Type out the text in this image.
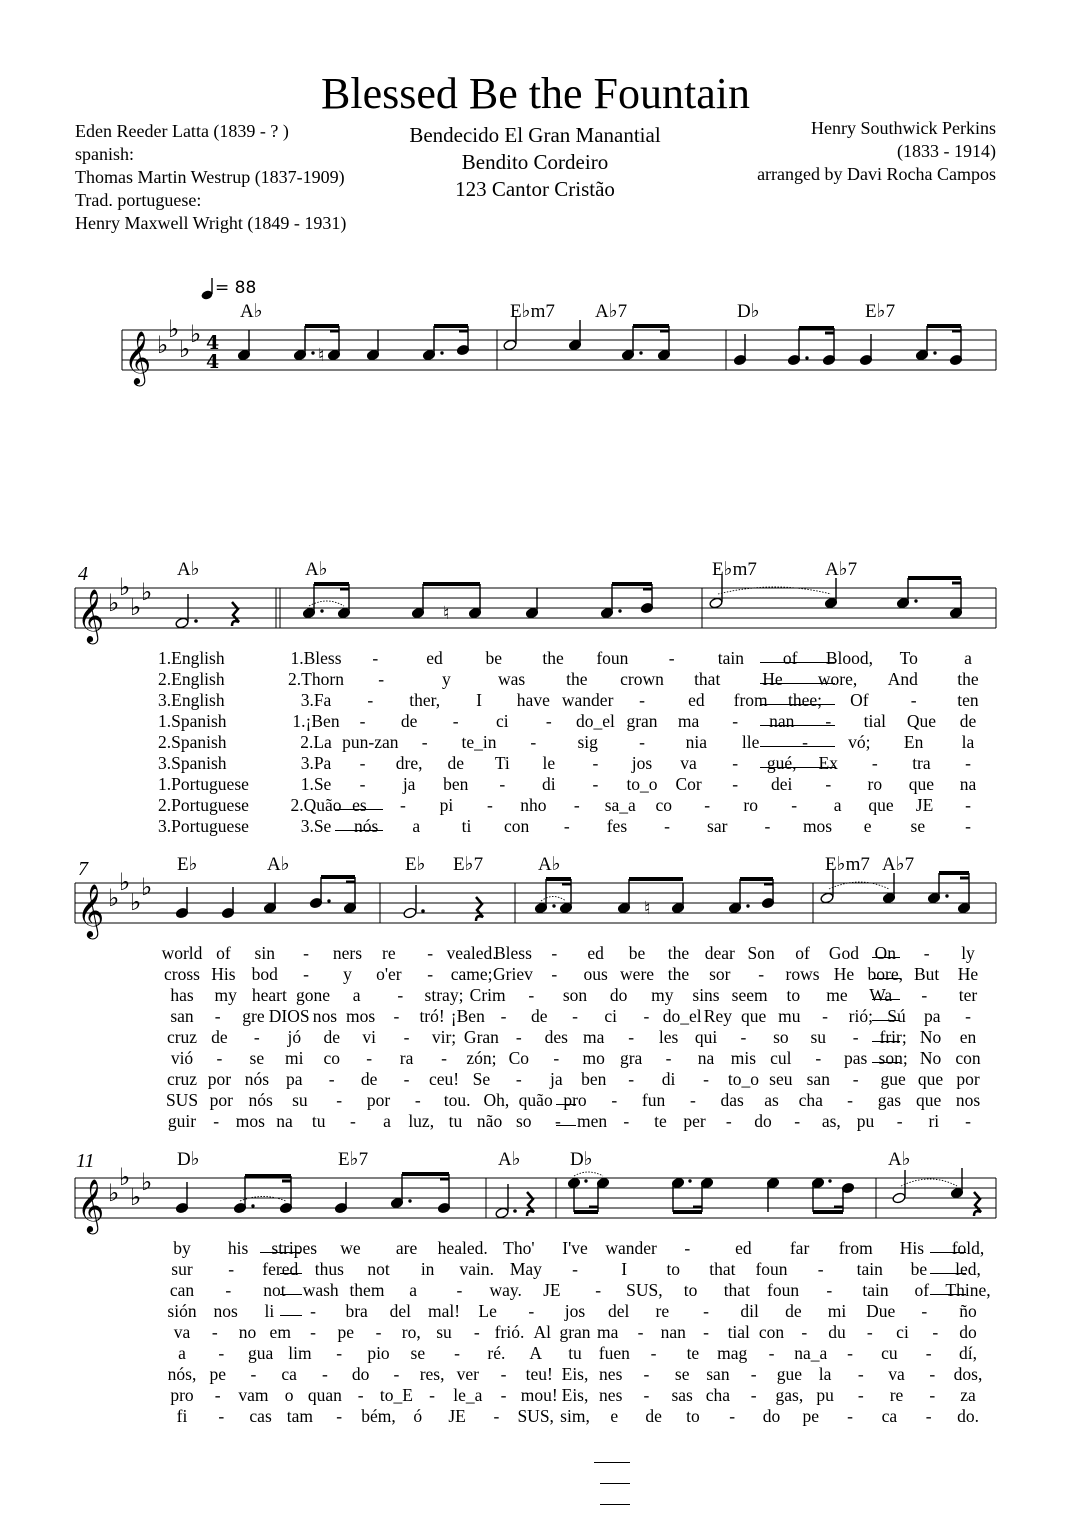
Blessed Be the Fountain
Eden Reeder Latta (1839 - ? )
spanish:
Thomas Martin Westrup (1837-1909)
Trad. portuguese:
Henry Maxwell Wright (1849 - 1931)
Bendecido El Gran Manantial
Bendito Cordeiro
123 Cantor Cristão
Henry Southwick Perkins
(1833 - 1914)
arranged by Davi Rocha Campos
= 88
A♭	E♭m7 A♭7	D♭	E♭7
𝄞 ♭
♭
♭
♭ 4
4	♮
4	A♭	A♭	E♭m7	A♭7
𝄞 ♭
♭
♭
♭
♮
1.English
2.English
3.English
1.Spanish
2.Spanish
3.Spanish
1.Portuguese
2.Portuguese
3.Portuguese
1.Bless -	ed be the foun - tain of Blood, To	a
2.Thorn -	y	was the crown that He wore, And the
3.Fa - ther, I have wander - ed from thee; Of - ten
1.¡Ben - de - ci - do_el gran ma - nan - tial Que de
2.La pun-zan - te_in - sig - nia lle - vó; En la
3.Pa - dre, de Ti le - jos va - gué, Ex - tra -
1.Se - ja ben - di - to_o Cor - dei - ro que na
2.Quão es - pi - nho - sa_a co - ro - a que JE -
3.Se nós a ti con - fes - sar - mos e se -
7	E♭	A♭	E♭ E♭7	A♭	E♭m7 A♭7
𝄞 ♭
♭
♭
♭
♮
world of sin - ners re - vealed.
Bless - ed be the dear Son of God On - ly
cross His bod - y o'er - came; Griev - ous were the sor - rows He bore, But He
has my heart gone a - stray; Crim - son do my sins seem to me Wa - ter
san - gre DIOS nos mos - tró! ¡Ben - de - ci - do_el Rey que mu - rió; Sú pa -
cruz de - jó de vi - vir; Gran - des ma - les qui - so su - frir; No en
vió - se mi co - ra - zón; Co - mo gra - na mis cul - pas son; No con
cruz por nós pa - de - ceu! Se - ja ben - di - to_o seu san - gue que por
SUS por nós su - por - tou. Oh, quão pro - fun - das as cha - gas que nos
guir - mos na tu - a luz, tu não so - men - te per - do - as, pu - ri -
11	D♭	E♭7	A♭	D♭	A♭
𝄞 ♭
♭
♭
♭
by his stripes we are healed. Tho' I've wander -	ed far from His fold,
sur - fered thus not in vain. May - I to that foun - tain be led,
can - not wash them a - way. JE - SUS, to that foun - tain of Thine,
sión nos li - bra del mal! Le - jos del re - dil de mi Due - ño
va - no em - pe - ro, su - frió. Al gran ma - nan - tial con - du - ci - do
a - gua lim - pio se - ré. A tu fuen - te mag - na_a - cu - dí,
nós, pe - ca - do - res, ver - teu! Eis, nes - se san - gue la - va - dos,
pro - vam o quan - to_E - le_a - mou! Eis, nes - sas cha - gas, pu - re - za
fi - cas tam - bém, ó JE - SUS, sim, e de to - do pe - ca - do.
